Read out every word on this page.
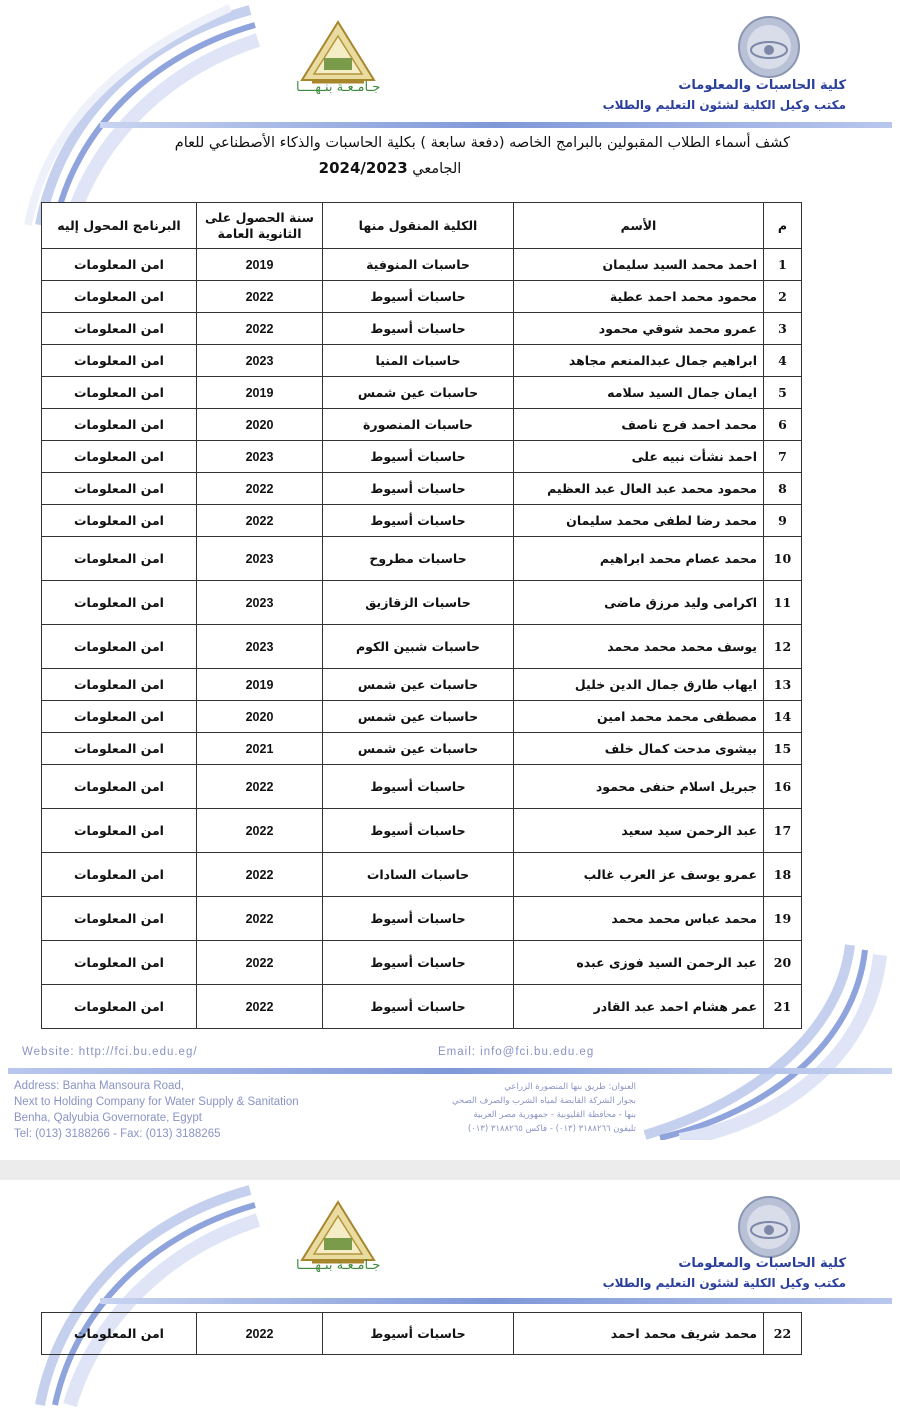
جـامـعـة بنـهــــا	كلية الحاسبات والمعلومات
مكتب وكيل الكلية لشئون التعليم والطلاب
كشف أسماء الطلاب المقبولين بالبرامج الخاصه (دفعة سابعة ) بكلية الحاسبات والذكاء الأصطناعي للعام
الجامعي 2024/2023
م	الأسم	الكلية المنقول منها	سنة الحصول على الثانوية العامة	البرنامج المحول إليه
1	احمد محمد السيد سليمان	حاسبات المنوفية	2019	امن المعلومات
2	محمود محمد احمد عطية	حاسبات أسيوط	2022	امن المعلومات
3	عمرو محمد شوقي محمود	حاسبات أسيوط	2022	امن المعلومات
4	ابراهيم جمال عبدالمنعم مجاهد	حاسبات المنيا	2023	امن المعلومات
5	ايمان جمال السيد سلامه	حاسبات عين شمس	2019	امن المعلومات
6	محمد احمد فرج ناصف	حاسبات المنصورة	2020	امن المعلومات
7	احمد نشأت نبيه على	حاسبات أسيوط	2023	امن المعلومات
8	محمود محمد عبد العال عبد العظيم	حاسبات أسيوط	2022	امن المعلومات
9	محمد رضا لطفى محمد سليمان	حاسبات أسيوط	2022	امن المعلومات
10	محمد عصام محمد ابراهيم	حاسبات مطروح	2023	امن المعلومات
11	اكرامى وليد مرزق ماضى	حاسبات الزقازيق	2023	امن المعلومات
12	يوسف محمد محمد محمد	حاسبات شبين الكوم	2023	امن المعلومات
13	ايهاب طارق جمال الدين خليل	حاسبات عين شمس	2019	امن المعلومات
14	مصطفى محمد محمد امين	حاسبات عين شمس	2020	امن المعلومات
15	بيشوى مدحت كمال خلف	حاسبات عين شمس	2021	امن المعلومات
16	جبريل اسلام حنفى محمود	حاسبات أسيوط	2022	امن المعلومات
17	عبد الرحمن سيد سعيد	حاسبات أسيوط	2022	امن المعلومات
18	عمرو يوسف عز العرب غالب	حاسبات السادات	2022	امن المعلومات
19	محمد عباس محمد محمد	حاسبات أسيوط	2022	امن المعلومات
20	عبد الرحمن السيد فوزى عبده	حاسبات أسيوط	2022	امن المعلومات
21	عمر هشام احمد عبد القادر	حاسبات أسيوط	2022	امن المعلومات
Website: http://fci.bu.edu.eg/	Email: info@fci.bu.edu.eg
Address: Banha Mansoura Road,
Next to Holding Company for Water Supply & Sanitation
Benha, Qalyubia Governorate, Egypt
Tel: (013) 3188266 - Fax: (013) 3188265
العنوان: طريق بنها المنصورة الزراعي
بجوار الشركة القابضة لمياه الشرب والصرف الصحي
بنها - محافظة القليوبية - جمهورية مصر العربية
تليفون ٣١٨٨٢٦٦ (٠١٣) - فاكس ٣١٨٨٢٦٥ (٠١٣)
جـامـعـة بنـهــــا	كلية الحاسبات والمعلومات
مكتب وكيل الكلية لشئون التعليم والطلاب
22	محمد شريف محمد احمد	حاسبات أسيوط	2022	امن المعلومات
